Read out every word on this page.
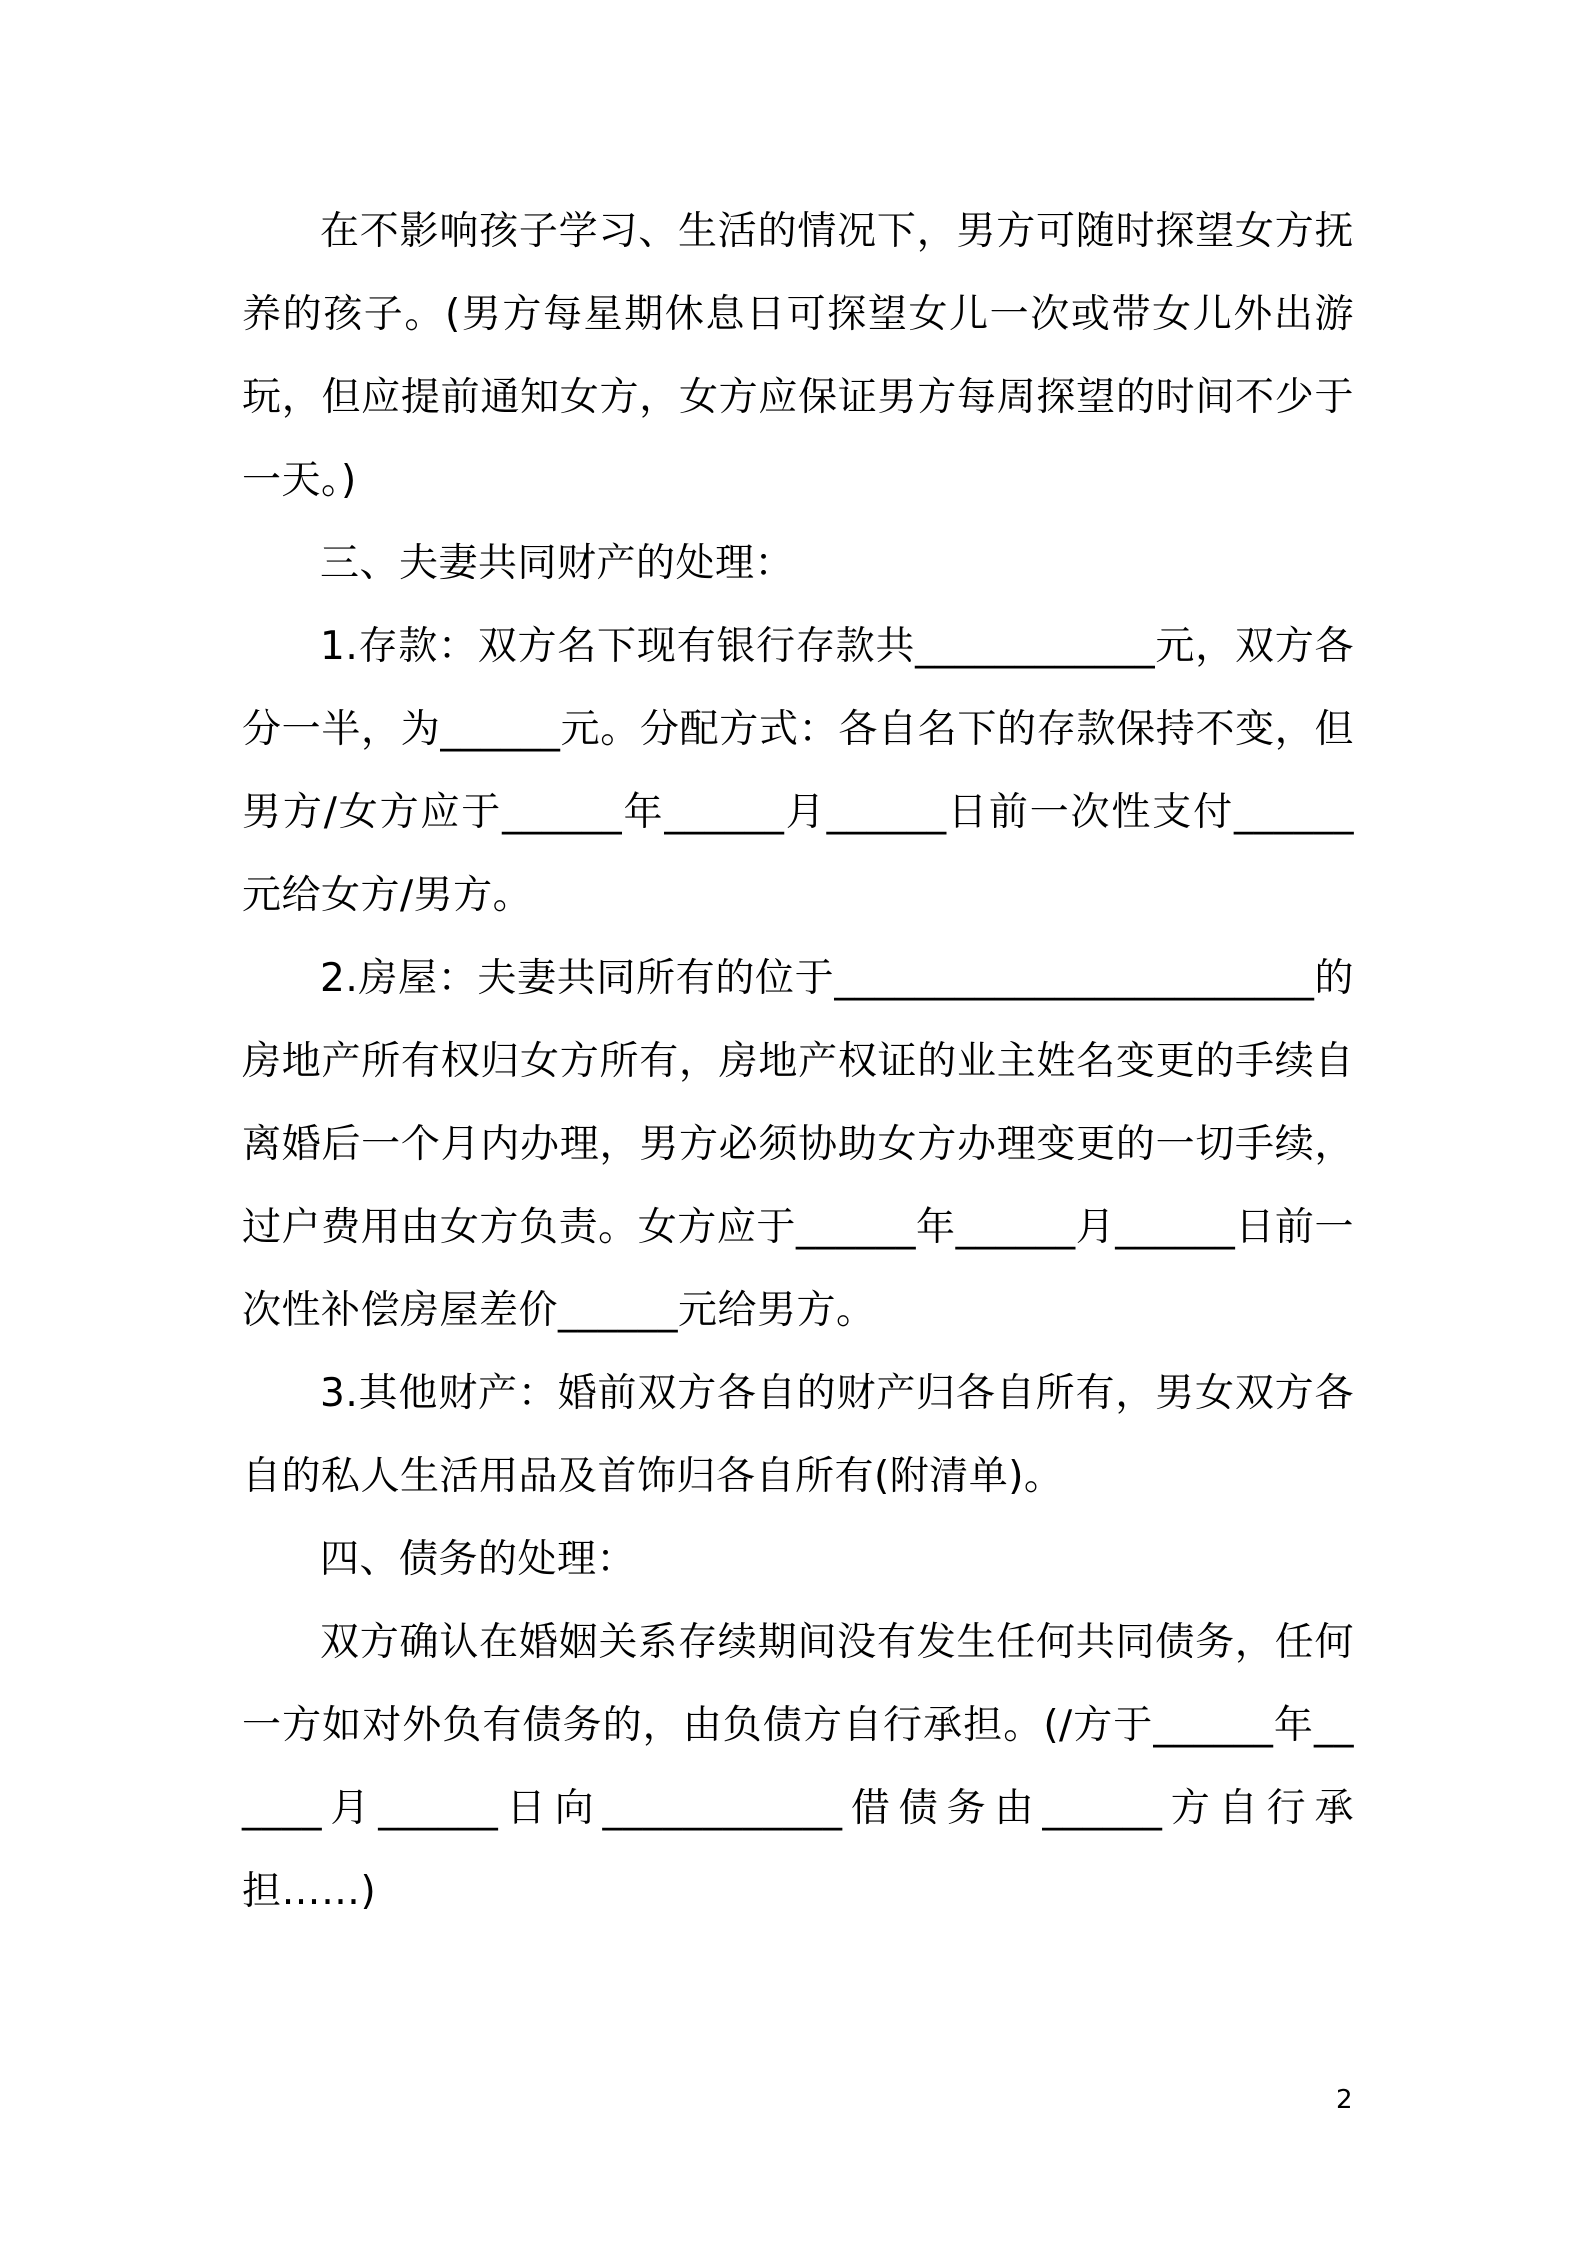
在不影响孩子学习、生活的情况下，男方可随时探望女方抚养的孩子。(男方每星期休息日可探望女儿一次或带女儿外出游玩，但应提前通知女方，女方应保证男方每周探望的时间不少于一天。)

三、夫妻共同财产的处理：

1.存款：双方名下现有银行存款共____________元，双方各分一半，为______元。分配方式：各自名下的存款保持不变，但男方/女方应于______年______月______日前一次性支付______元给女方/男方。

2.房屋：夫妻共同所有的位于________________________的房地产所有权归女方所有，房地产权证的业主姓名变更的手续自离婚后一个月内办理，男方必须协助女方办理变更的一切手续，过户费用由女方负责。女方应于______年______月______日前一次性补偿房屋差价______元给男方。

3.其他财产：婚前双方各自的财产归各自所有，男女双方各自的私人生活用品及首饰归各自所有(附清单)。

四、债务的处理：

双方确认在婚姻关系存续期间没有发生任何共同债务，任何一方如对外负有债务的，由负债方自行承担。(/方于______年______月______日向____________借债务由______方自行承担……)

2
